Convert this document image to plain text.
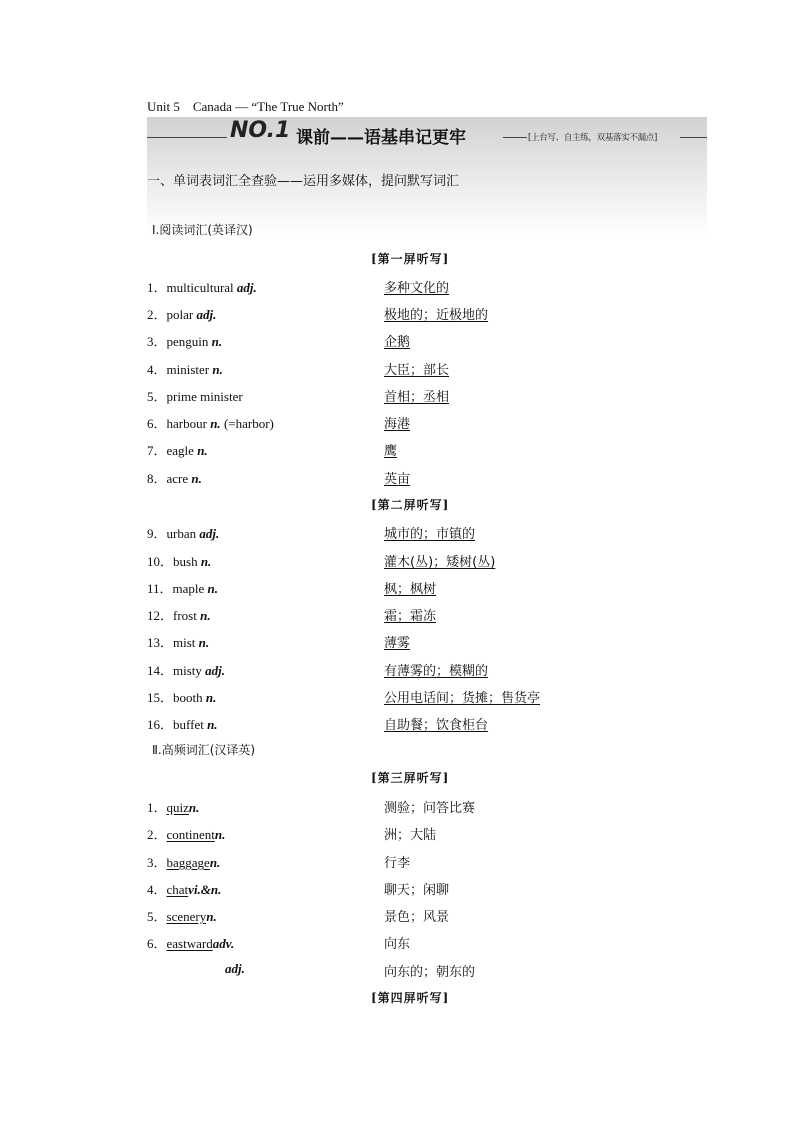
Unit 5　Canada — “The True North”
NO.1 课前——语基串记更牢	[上台写、自主练，双基落实不漏点]
一、单词表词汇全查验——运用多媒体，提问默写词汇
Ⅰ.阅读词汇(英译汉)
[第一屏听写]
1．multicultural adj.	多种文化的
2．polar adj.	极地的；近极地的
3．penguin n.	企鹅
4．minister n.	大臣；部长
5．prime minister	首相；丞相
6．harbour n. (=harbor)	海港
7．eagle n.	鹰
8．acre n.	英亩
[第二屏听写]
9．urban adj.	城市的；市镇的
10．bush n.	灌木(丛)；矮树(丛)
11．maple n.	枫；枫树
12．frost n.	霜；霜冻
13．mist n.	薄雾
14．misty adj.	有薄雾的；模糊的
15．booth n.	公用电话间；货摊；售货亭
16．buffet n.	自助餐；饮食柜台
Ⅱ.高频词汇(汉译英)
[第三屏听写]
1．quizn.	测验；问答比赛
2．continentn.	洲；大陆
3．baggagen.	行李
4．chatvi.&n.	聊天；闲聊
5．sceneryn.	景色；风景
6．eastwardadv.	向东
adj.	向东的；朝东的
[第四屏听写]
